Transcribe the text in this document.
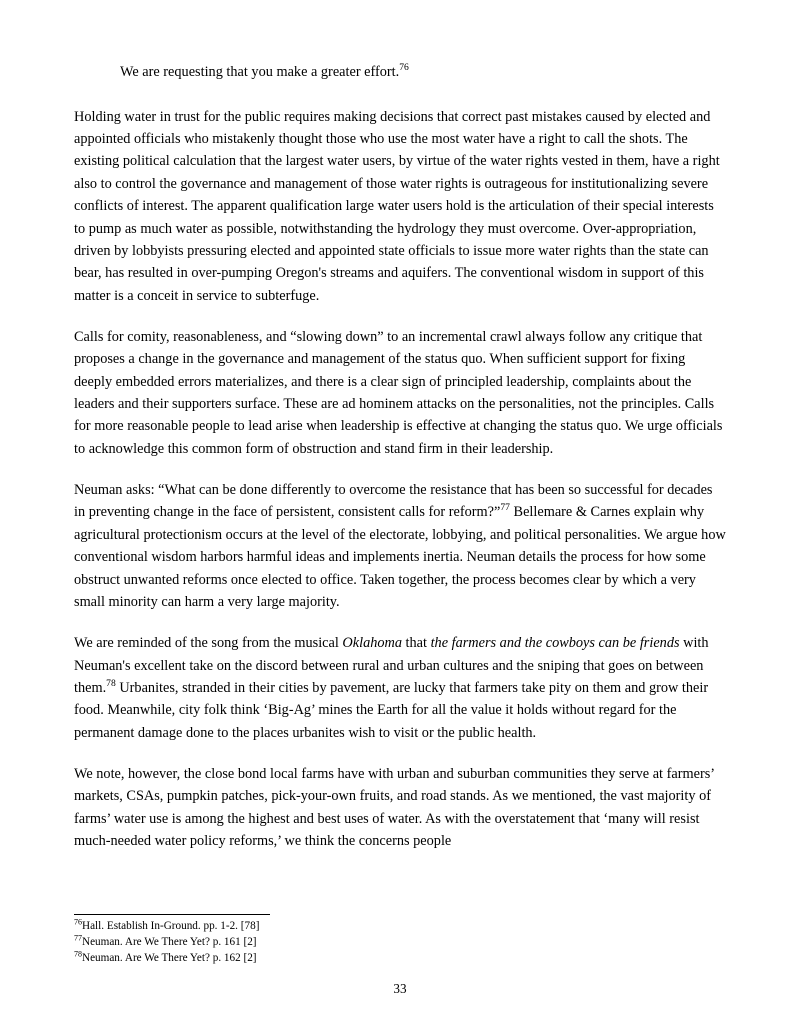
We are requesting that you make a greater effort.$^{76}$

Holding water in trust for the public requires making decisions that correct past mistakes caused by elected and appointed officials who mistakenly thought those who use the most water have a right to call the shots. The existing political calculation that the largest water users, by virtue of the water rights vested in them, have a right also to control the governance and management of those water rights is outrageous for institutionalizing severe conflicts of interest. The apparent qualification large water users hold is the articulation of their special interests to pump as much water as possible, notwithstanding the hydrology they must overcome. Over-appropriation, driven by lobbyists pressuring elected and appointed state officials to issue more water rights than the state can bear, has resulted in over-pumping Oregon's streams and aquifers. The conventional wisdom in support of this matter is a conceit in service to subterfuge.

Calls for comity, reasonableness, and “slowing down” to an incremental crawl always follow any critique that proposes a change in the governance and management of the status quo. When sufficient support for fixing deeply embedded errors materializes, and there is a clear sign of principled leadership, complaints about the leaders and their supporters surface. These are ad hominem attacks on the personalities, not the principles. Calls for more reasonable people to lead arise when leadership is effective at changing the status quo. We urge officials to acknowledge this common form of obstruction and stand firm in their leadership.

Neuman asks: “What can be done differently to overcome the resistance that has been so successful for decades in preventing change in the face of persistent, consistent calls for reform?”$^{77}$ Bellemare & Carnes explain why agricultural protectionism occurs at the level of the electorate, lobbying, and political personalities. We argue how conventional wisdom harbors harmful ideas and implements inertia. Neuman details the process for how some obstruct unwanted reforms once elected to office. Taken together, the process becomes clear by which a very small minority can harm a very large majority.

We are reminded of the song from the musical Oklahoma that the farmers and the cowboys can be friends with Neuman's excellent take on the discord between rural and urban cultures and the sniping that goes on between them.$^{78}$ Urbanites, stranded in their cities by pavement, are lucky that farmers take pity on them and grow their food. Meanwhile, city folk think ‘Big-Ag’ mines the Earth for all the value it holds without regard for the permanent damage done to the places urbanites wish to visit or the public health.

We note, however, the close bond local farms have with urban and suburban communities they serve at farmers’ markets, CSAs, pumpkin patches, pick-your-own fruits, and road stands. As we mentioned, the vast majority of farms’ water use is among the highest and best uses of water. As with the overstatement that ‘many will resist much-needed water policy reforms,’ we think the concerns people

$^{76}$Hall. Establish In-Ground. pp. 1-2. [78]

$^{77}$Neuman. Are We There Yet? p. 161 [2]

$^{78}$Neuman. Are We There Yet? p. 162 [2]

33
